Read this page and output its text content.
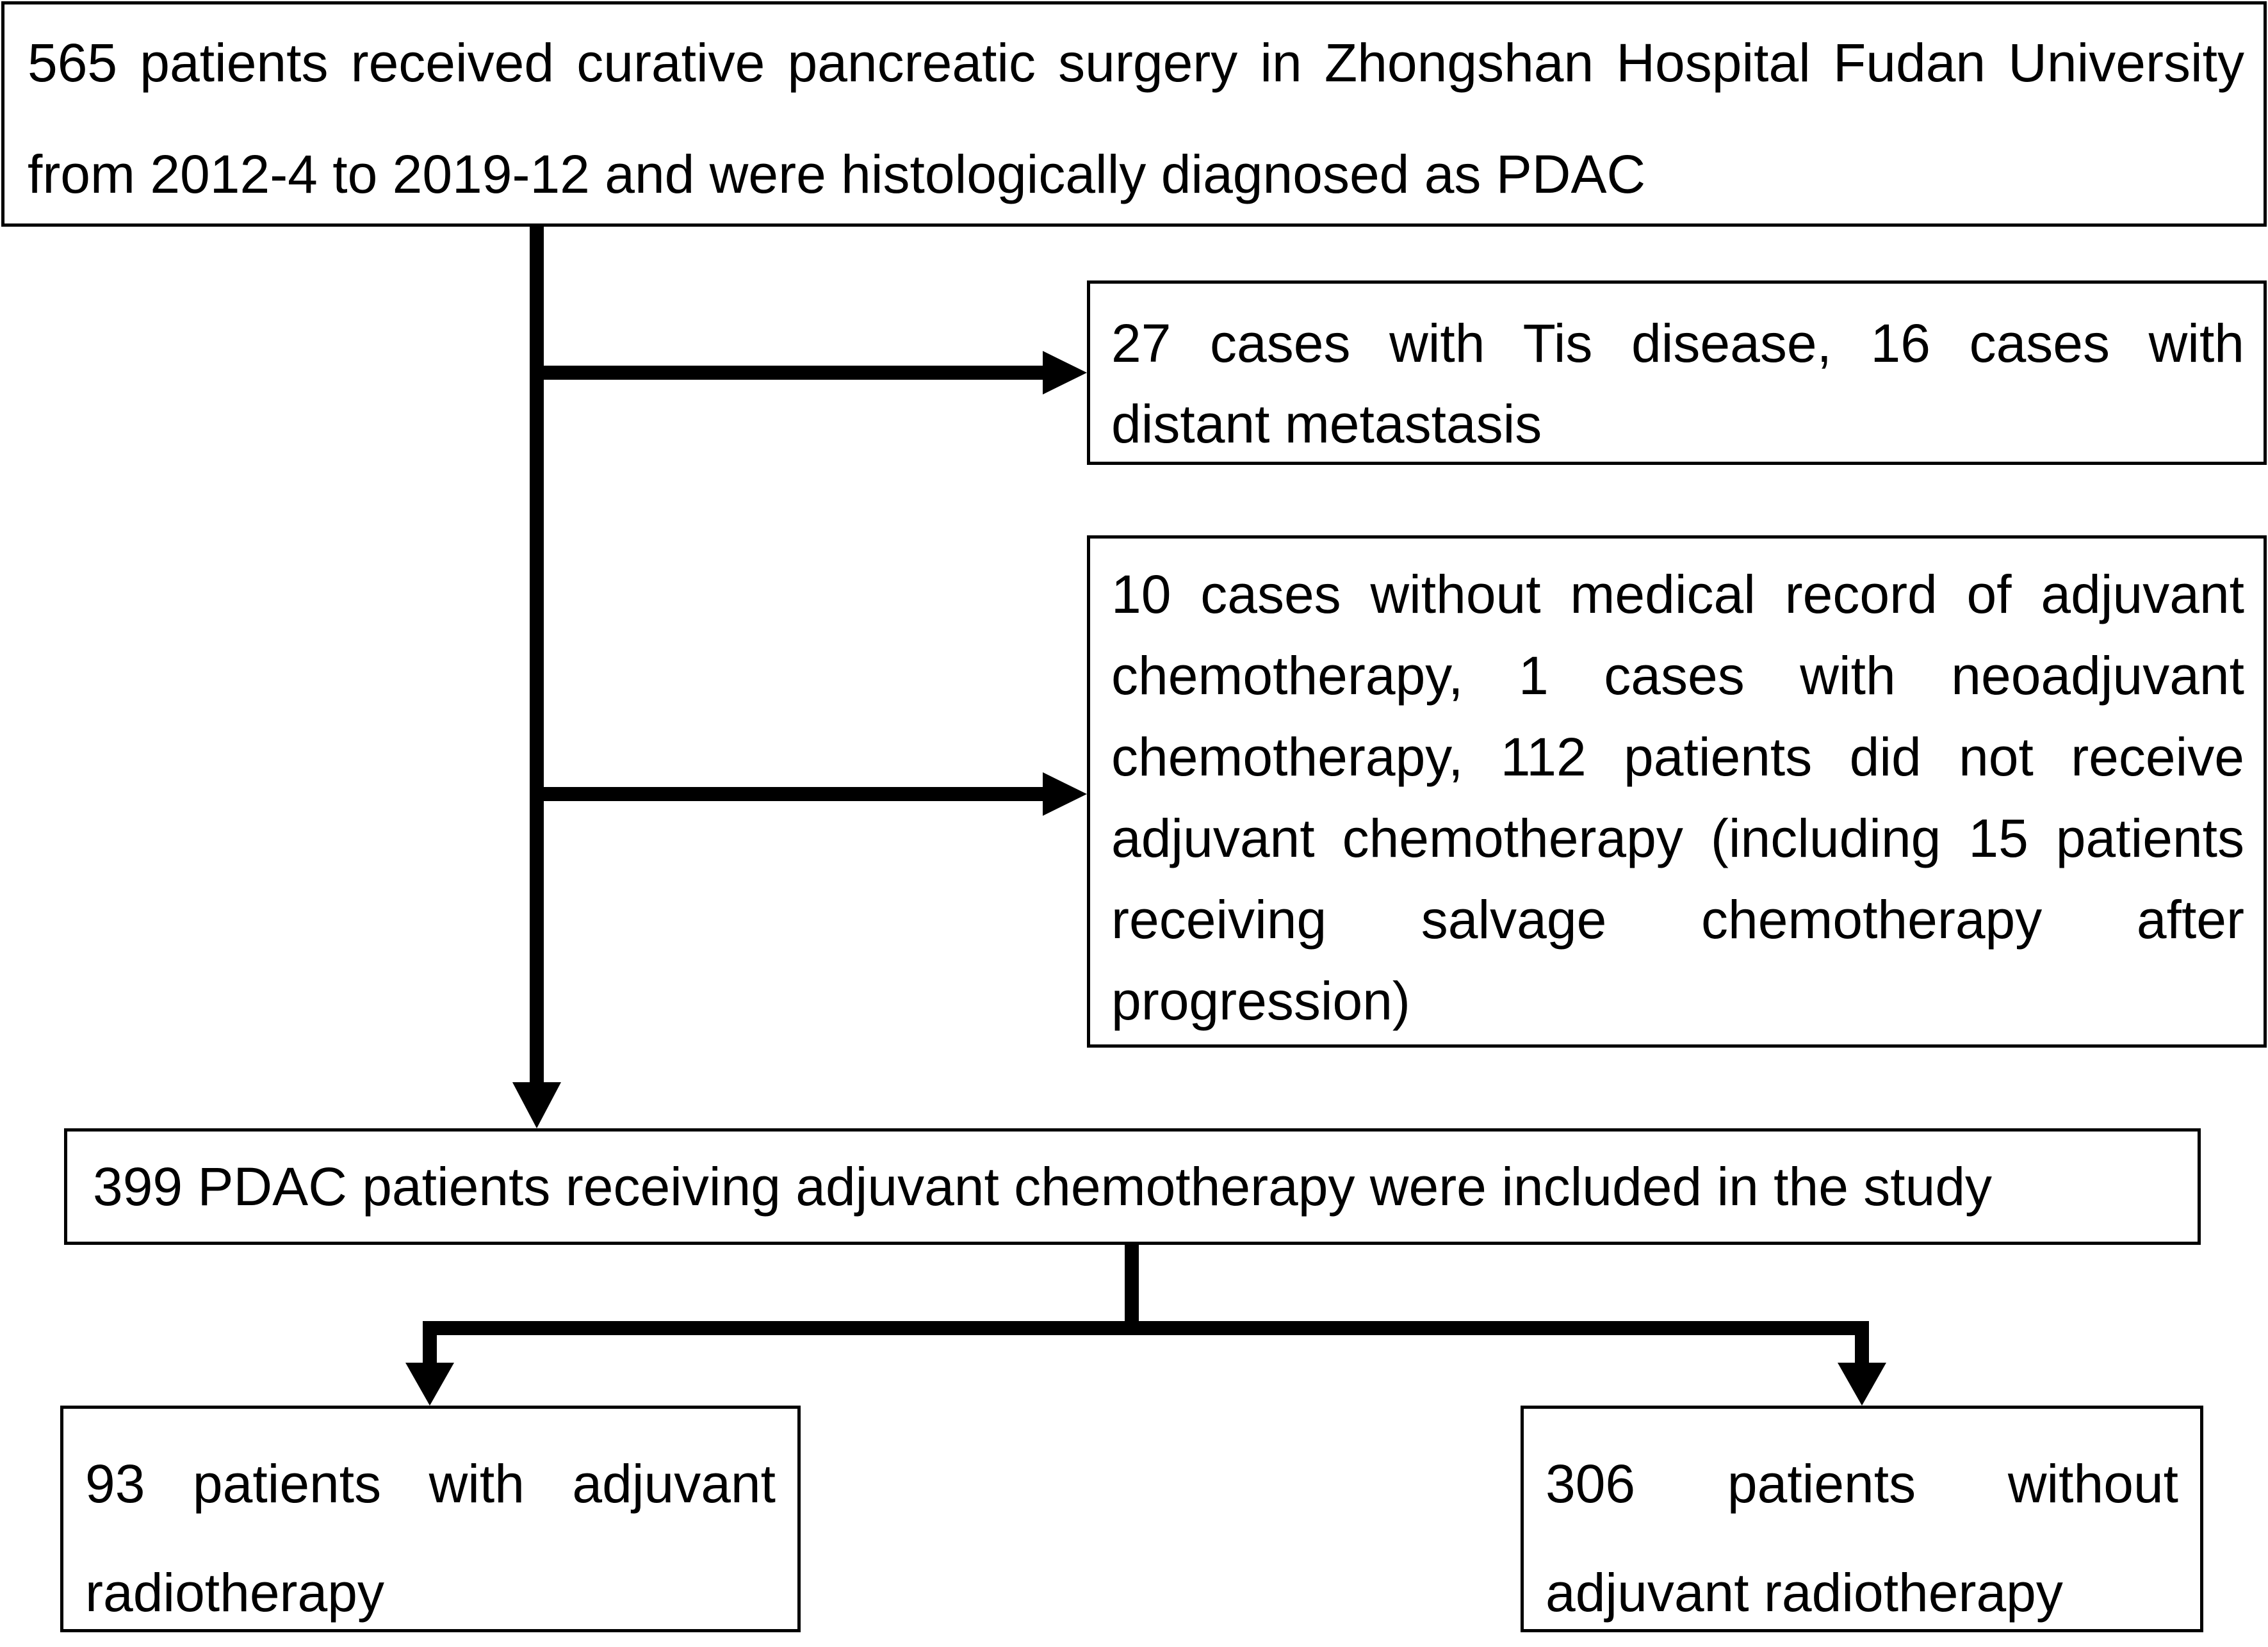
565 patients received curative pancreatic surgery in Zhongshan Hospital Fudan University from 2012-4 to 2019-12 and were histologically diagnosed as PDAC
27 cases with Tis disease, 16 cases with distant metastasis
10 cases without medical record of adjuvant chemotherapy, 1 cases with neoadjuvant chemotherapy, 112 patients did not receive adjuvant chemotherapy (including 15 patients receiving salvage chemotherapy after progression)
399 PDAC patients receiving adjuvant chemotherapy were included in the study
93 patients with adjuvant radiotherapy
306 patients without adjuvant radiotherapy
